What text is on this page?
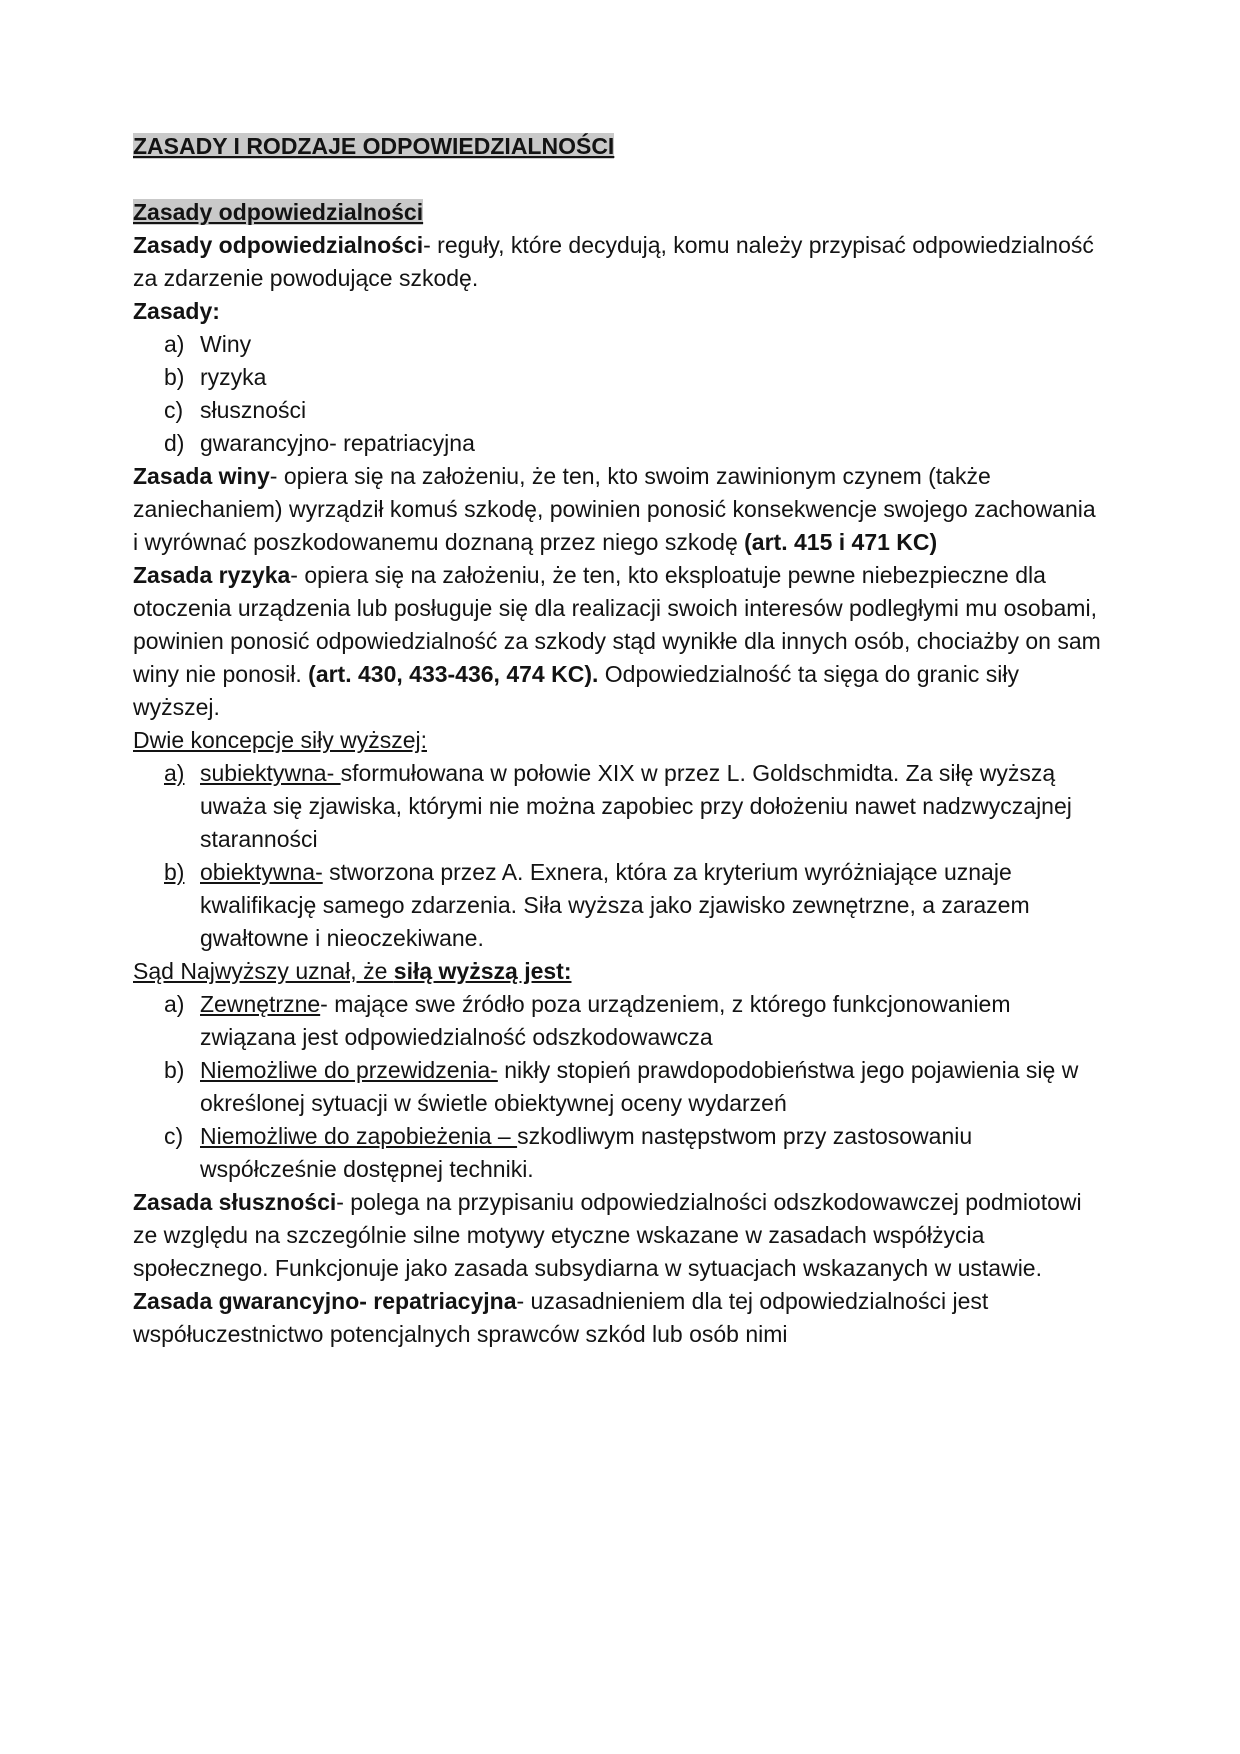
ZASADY I RODZAJE ODPOWIEDZIALNOŚCI
Zasady odpowiedzialności
Zasady odpowiedzialności- reguły, które decydują, komu należy przypisać odpowiedzialność za zdarzenie powodujące szkodę.
Zasady:
a) Winy
b) ryzyka
c) słuszności
d) gwarancyjno- repatriacyjna
Zasada winy- opiera się na założeniu, że ten, kto swoim zawinionym czynem (także zaniechaniem) wyrządził komuś szkodę, powinien ponosić konsekwencje swojego zachowania i wyrównać poszkodowanemu doznaną przez niego szkodę (art. 415 i 471 KC)
Zasada ryzyka- opiera się na założeniu, że ten, kto eksploatuje pewne niebezpieczne dla otoczenia urządzenia lub posługuje się dla realizacji swoich interesów podległymi mu osobami, powinien ponosić odpowiedzialność za szkody stąd wynikłe dla innych osób, chociażby on sam winy nie ponosił. (art. 430, 433-436, 474 KC). Odpowiedzialność ta sięga do granic siły wyższej.
Dwie koncepcje siły wyższej:
a) subiektywna- sformułowana w połowie XIX w przez L. Goldschmidta. Za siłę wyższą uważa się zjawiska, którymi nie można zapobiec przy dołożeniu nawet nadzwyczajnej staranności
b) obiektywna- stworzona przez A. Exnera, która za kryterium wyróżniające uznaje kwalifikację samego zdarzenia. Siła wyższa jako zjawisko zewnętrzne, a zarazem gwałtowne i nieoczekiwane.
Sąd Najwyższy uznał, że siłą wyższą jest:
a) Zewnętrzne- mające swe źródło poza urządzeniem, z którego funkcjonowaniem związana jest odpowiedzialność odszkodowawcza
b) Niemożliwe do przewidzenia- nikły stopień prawdopodobieństwa jego pojawienia się w określonej sytuacji w świetle obiektywnej oceny wydarzeń
c) Niemożliwe do zapobieżenia – szkodliwym następstwom przy zastosowaniu współcześnie dostępnej techniki.
Zasada słuszności- polega na przypisaniu odpowiedzialności odszkodowawczej podmiotowi ze względu na szczególnie silne motywy etyczne wskazane w zasadach współżycia społecznego. Funkcjonuje jako zasada subsydiarna w sytuacjach wskazanych w ustawie.
Zasada gwarancyjno- repatriacyjna- uzasadnieniem dla tej odpowiedzialności jest współuczestnictwo potencjalnych sprawców szkód lub osób nimi
